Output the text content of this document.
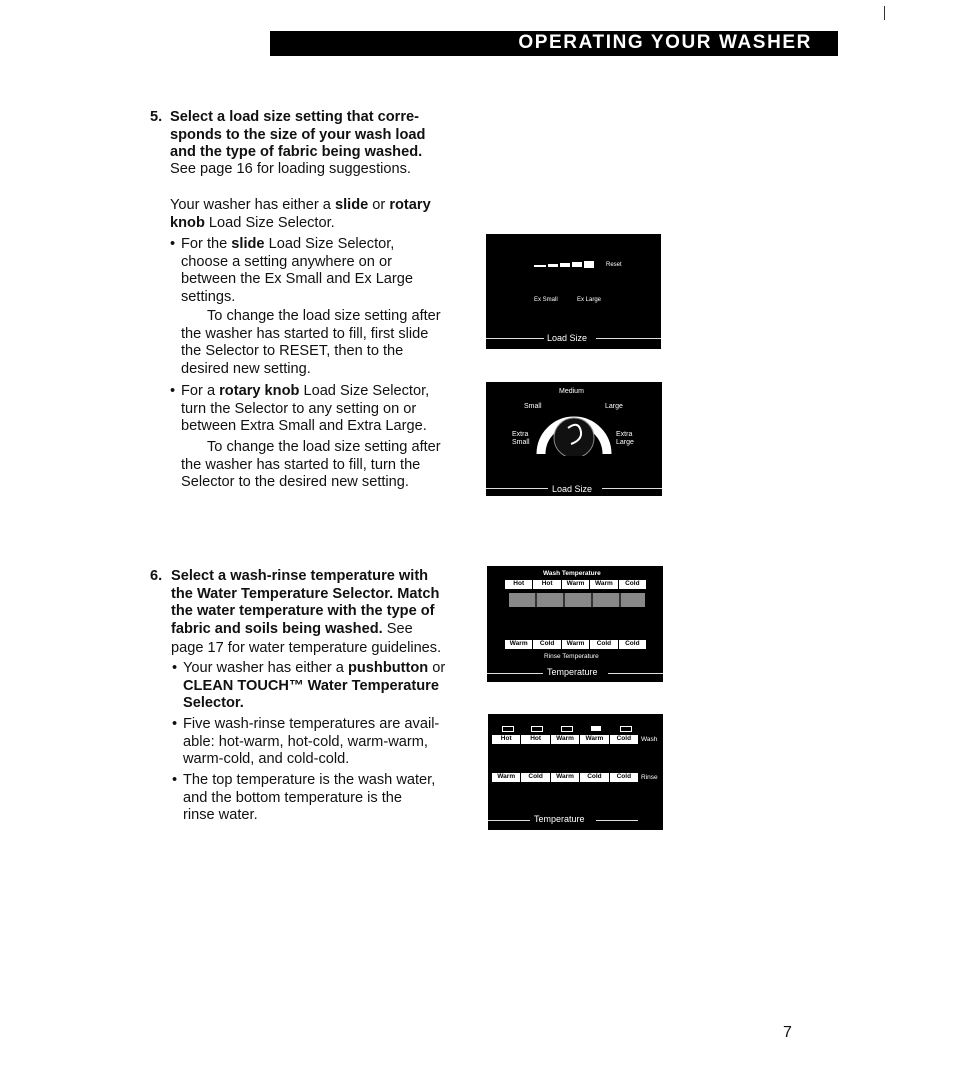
OPERATING YOUR WASHER
5. Select a load size setting that corre-
sponds to the size of your wash load
and the type of fabric being washed.
See page 16 for loading suggestions.
Your washer has either a slide or rotary
knob Load Size Selector.
• For the slide Load Size Selector,
choose a setting anywhere on or
between the Ex Small and Ex Large
settings.
To change the load size setting after
the washer has started to fill, first slide
the Selector to RESET, then to the
desired new setting.
• For a rotary knob Load Size Selector,
turn the Selector to any setting on or
between Extra Small and Extra Large.
To change the load size setting after
the washer has started to fill, turn the
Selector to the desired new setting.
6. Select a wash-rinse temperature with
the Water Temperature Selector. Match
the water temperature with the type of
fabric and soils being washed. See
page 17 for water temperature guidelines.
• Your washer has either a pushbutton or
CLEAN TOUCH™ Water Temperature
Selector.
• Five wash-rinse temperatures are avail-
able: hot-warm, hot-cold, warm-warm,
warm-cold, and cold-cold.
• The top temperature is the wash water,
and the bottom temperature is the
rinse water.
Reset
Ex Small	Ex Large
Load Size
Medium
Small	Large
Extra Small
Extra Large
Load Size
Wash Temperature
Hot	Hot	Warm	Warm	Cold
Warm	Cold	Warm	Cold	Cold
Rinse Temperature
Temperature
Hot	Hot	Warm	Warm	Cold	Wash
Warm	Cold	Warm	Cold	Cold	Rinse
Temperature
7
